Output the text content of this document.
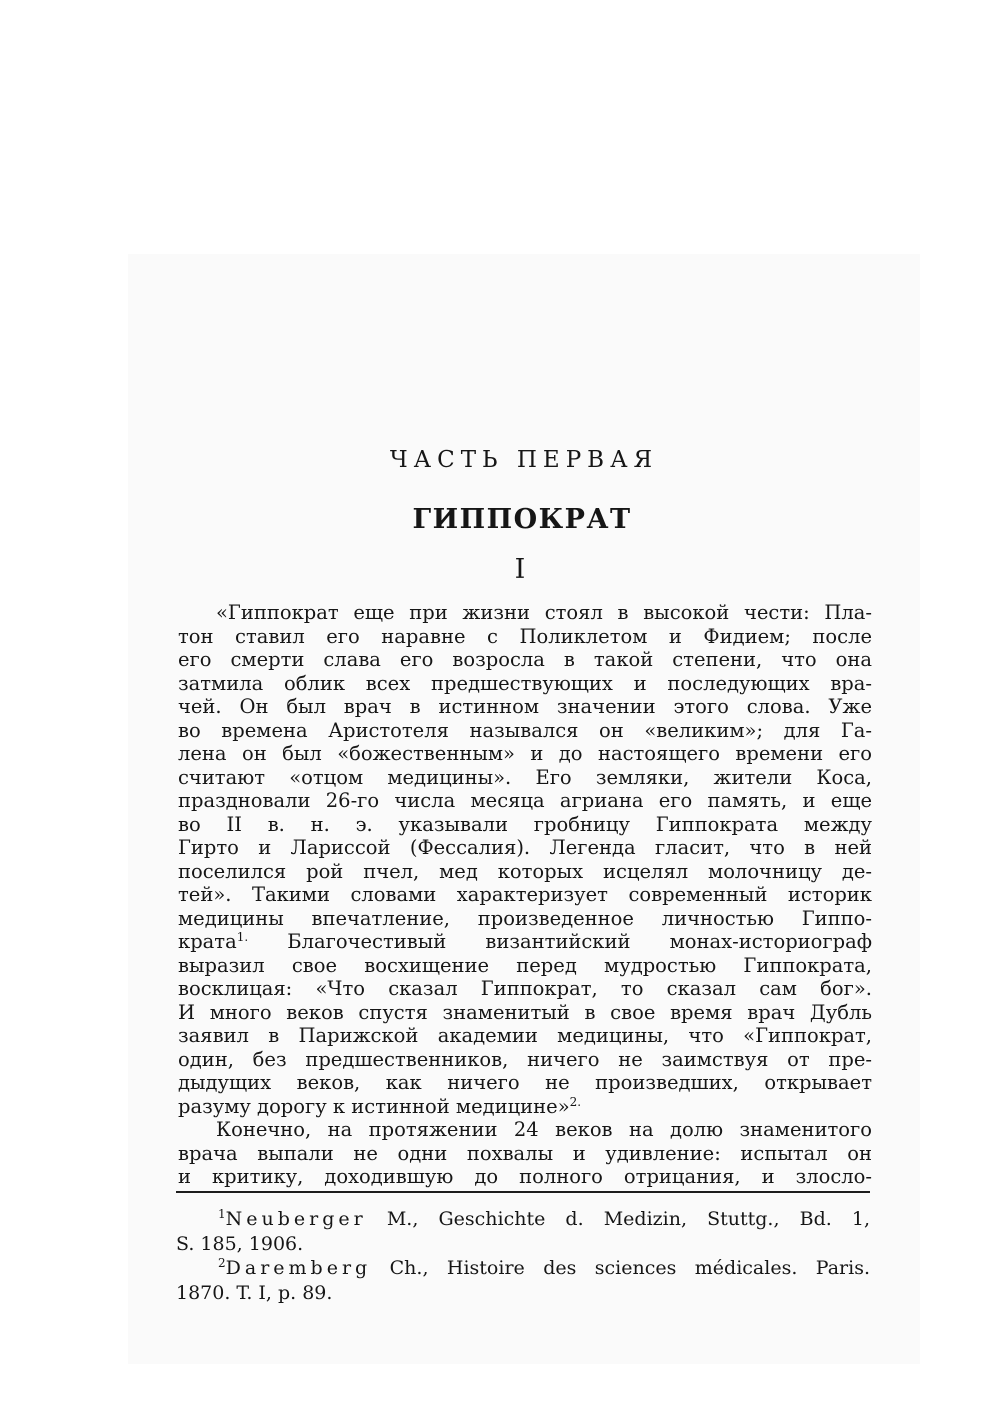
ЧАСТЬ ПЕРВАЯ
ГИППОКРАТ
I
«Гиппократ еще при жизни стоял в высокой чести: Пла-
тон ставил его наравне с Поликлетом и Фидием; после
его смерти слава его возросла в такой степени, что она
затмила облик всех предшествующих и последующих вра-
чей. Он был врач в истинном значении этого слова. Уже
во времена Аристотеля назывался он «великим»; для Га-
лена он был «божественным» и до настоящего времени его
считают «отцом медицины». Его земляки, жители Коса,
праздновали 26-го числа месяца агриана его память, и еще
во II в. н. э. указывали гробницу Гиппократа между
Гирто и Лариссой (Фессалия). Легенда гласит, что в ней
поселился рой пчел, мед которых исцелял молочницу де-
тей». Такими словами характеризует современный историк
медицины впечатление, произведенное личностью Гиппо-
крата$^{1.}$ Благочестивый византийский монах-историограф
выразил свое восхищение перед мудростью Гиппократа,
восклицая: «Что сказал Гиппократ, то сказал сам бог».
И много веков спустя знаменитый в свое время врач Дубль
заявил в Парижской академии медицины, что «Гиппократ,
один, без предшественников, ничего не заимствуя от пре-
дыдущих веков, как ничего не произведших, открывает
разуму дорогу к истинной медицине»$^{2.}$
Конечно, на протяжении 24 веков на долю знаменитого
врача выпали не одни похвалы и удивление: испытал он
и критику, доходившую до полного отрицания, и злосло-
$^1$Neuberger M., Geschichte d. Medizin, Stuttg., Bd. 1,
S. 185, 1906.
$^2$Daremberg Ch., Histoire des sciences médicales. Paris.
1870. T. I, p. 89.
